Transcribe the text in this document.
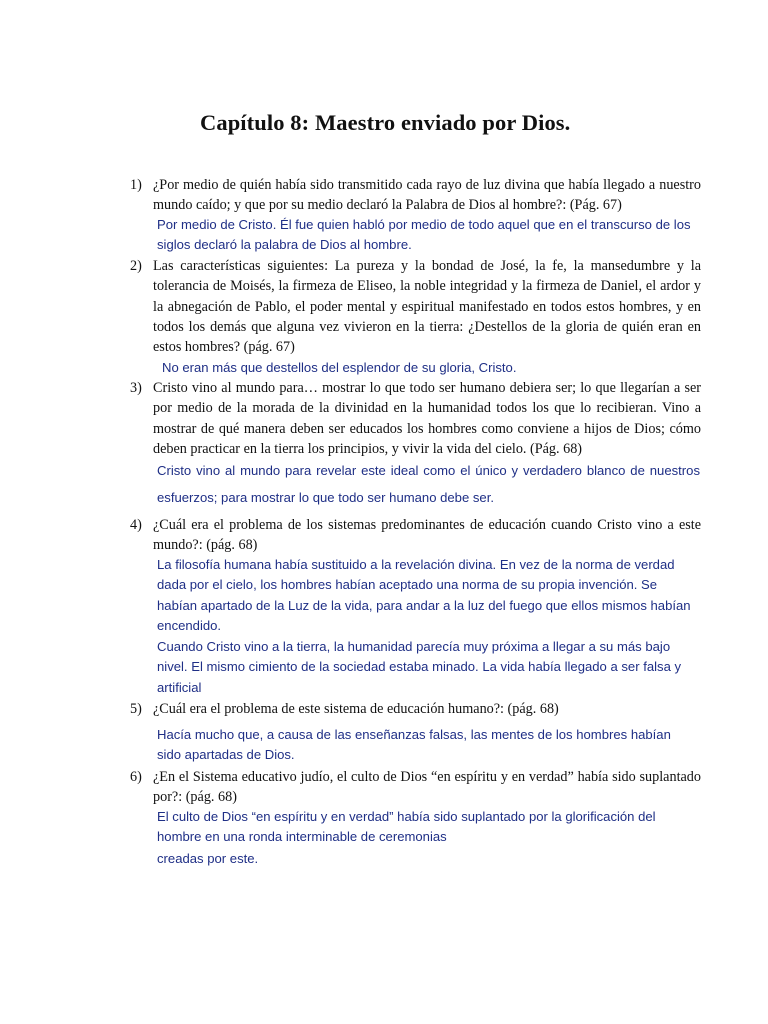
Capítulo 8: Maestro enviado por Dios.
1) ¿Por medio de quién había sido transmitido cada rayo de luz divina que había llegado a nuestro mundo caído; y que por su medio declaró la Palabra de Dios al hombre?: (Pág. 67)
Por medio de Cristo. Él fue quien habló por medio de todo aquel que en el transcurso de los siglos declaró la palabra de Dios al hombre.
2) Las características siguientes: La pureza y la bondad de José, la fe, la mansedumbre y la tolerancia de Moisés, la firmeza de Eliseo, la noble integridad y la firmeza de Daniel, el ardor y la abnegación de Pablo, el poder mental y espiritual manifestado en todos estos hombres, y en todos los demás que alguna vez vivieron en la tierra: ¿Destellos de la gloria de quién eran en estos hombres? (pág. 67)
No eran más que destellos del esplendor de su gloria, Cristo.
3) Cristo vino al mundo para… mostrar lo que todo ser humano debiera ser; lo que llegarían a ser por medio de la morada de la divinidad en la humanidad todos los que lo recibieran. Vino a mostrar de qué manera deben ser educados los hombres como conviene a hijos de Dios; cómo deben practicar en la tierra los principios, y vivir la vida del cielo. (Pág. 68)
Cristo vino al mundo para revelar este ideal como el único y verdadero blanco de nuestros esfuerzos; para mostrar lo que todo ser humano debe ser.
4) ¿Cuál era el problema de los sistemas predominantes de educación cuando Cristo vino a este mundo?: (pág. 68)
La filosofía humana había sustituido a la revelación divina. En vez de la norma de verdad dada por el cielo, los hombres habían aceptado una norma de su propia invención. Se habían apartado de la Luz de la vida, para andar a la luz del fuego que ellos mismos habían encendido.
Cuando Cristo vino a la tierra, la humanidad parecía muy próxima a llegar a su más bajo nivel. El mismo cimiento de la sociedad estaba minado. La vida había llegado a ser falsa y artificial
5) ¿Cuál era el problema de este sistema de educación humano?: (pág. 68)
Hacía mucho que, a causa de las enseñanzas falsas, las mentes de los hombres habían sido apartadas de Dios.
6) ¿En el Sistema educativo judío, el culto de Dios “en espíritu y en verdad” había sido suplantado por?: (pág. 68)
El culto de Dios “en espíritu y en verdad” había sido suplantado por la glorificación del hombre en una ronda interminable de ceremonias
creadas por este.
